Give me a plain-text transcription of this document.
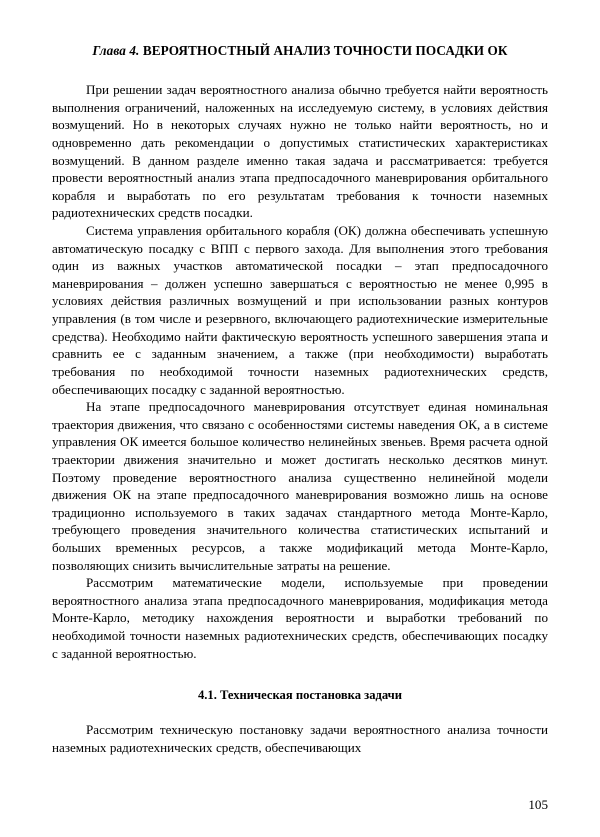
Глава 4. ВЕРОЯТНОСТНЫЙ АНАЛИЗ ТОЧНОСТИ ПОСАДКИ ОК

При решении задач вероятностного анализа обычно требуется найти вероятность выполнения ограничений, наложенных на исследуемую систему, в условиях действия возмущений. Но в некоторых случаях нужно не только найти вероятность, но и одновременно дать рекомендации о допустимых статистических характеристиках возмущений. В данном разделе именно такая задача и рассматривается: требуется провести вероятностный анализ этапа предпосадочного маневрирования орбитального корабля и выработать по его результатам требования к точности наземных радиотехнических средств посадки.

Система управления орбитального корабля (ОК) должна обеспечивать успешную автоматическую посадку с ВПП с первого захода. Для выполнения этого требования один из важных участков автоматической посадки – этап предпосадочного маневрирования – должен успешно завершаться с вероятностью не менее 0,995 в условиях действия различных возмущений и при использовании разных контуров управления (в том числе и резервного, включающего радиотехнические измерительные средства). Необходимо найти фактическую вероятность успешного завершения этапа и сравнить ее с заданным значением, а также (при необходимости) выработать требования по необходимой точности наземных радиотехнических средств, обеспечивающих посадку с заданной вероятностью.

На этапе предпосадочного маневрирования отсутствует единая номинальная траектория движения, что связано с особенностями системы наведения ОК, а в системе управления ОК имеется большое количество нелинейных звеньев. Время расчета одной траектории движения значительно и может достигать несколько десятков минут. Поэтому проведение вероятностного анализа существенно нелинейной модели движения ОК на этапе предпосадочного маневрирования возможно лишь на основе традиционно используемого в таких задачах стандартного метода Монте-Карло, требующего проведения значительного количества статистических испытаний и больших временных ресурсов, а также модификаций метода Монте-Карло, позволяющих снизить вычислительные затраты на решение.

Рассмотрим математические модели, используемые при проведении вероятностного анализа этапа предпосадочного маневрирования, модификация метода Монте-Карло, методику нахождения вероятности и выработки требований по необходимой точности наземных радиотехнических средств, обеспечивающих посадку с заданной вероятностью.

4.1. Техническая постановка задачи

Рассмотрим техническую постановку задачи вероятностного анализа точности наземных радиотехнических средств, обеспечивающих

105
